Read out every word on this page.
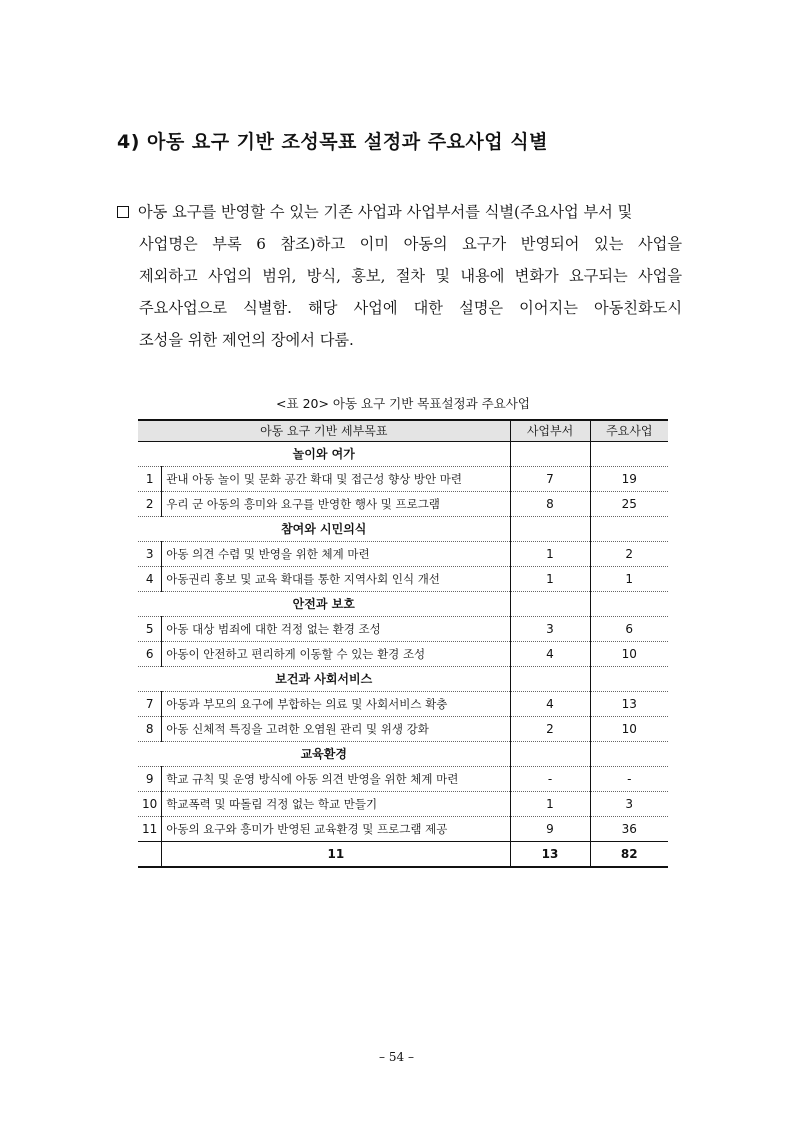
4) 아동 요구 기반 조성목표 설정과 주요사업 식별
아동 요구를 반영할 수 있는 기존 사업과 사업부서를 식별(주요사업 부서 및
사업명은 부록 6 참조)하고 이미 아동의 요구가 반영되어 있는 사업을
제외하고 사업의 범위, 방식, 홍보, 절차 및 내용에 변화가 요구되는 사업을
주요사업으로 식별함. 해당 사업에 대한 설명은 이어지는 아동친화도시
조성을 위한 제언의 장에서 다룸.
<표 20> 아동 요구 기반 목표설정과 주요사업
아동 요구 기반 세부목표		사업부서	주요사업
놀이와 여가			
1	관내 아동 놀이 및 문화 공간 확대 및 접근성 향상 방안 마련	7	19
2	우리 군 아동의 흥미와 요구를 반영한 행사 및 프로그램	8	25
참여와 시민의식			
3	아동 의견 수렴 및 반영을 위한 체계 마련	1	2
4	아동권리 홍보 및 교육 확대를 통한 지역사회 인식 개선	1	1
안전과 보호			
5	아동 대상 범죄에 대한 걱정 없는 환경 조성	3	6
6	아동이 안전하고 편리하게 이동할 수 있는 환경 조성	4	10
보건과 사회서비스			
7	아동과 부모의 요구에 부합하는 의료 및 사회서비스 확충	4	13
8	아동 신체적 특징을 고려한 오염원 관리 및 위생 강화	2	10
교육환경			
9	학교 규칙 및 운영 방식에 아동 의견 반영을 위한 체계 마련	-	-
10	학교폭력 및 따돌림 걱정 없는 학교 만들기	1	3
11	아동의 요구와 흥미가 반영된 교육환경 및 프로그램 제공	9	36
	11	13	82
– 54 –
